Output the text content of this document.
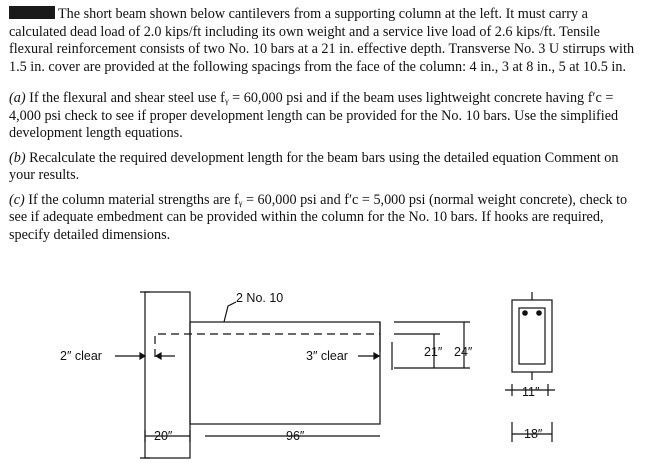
The short beam shown below cantilevers from a supporting column at the left. It must carry a calculated dead load of 2.0 kips/ft including its own weight and a service live load of 2.6 kips/ft. Tensile flexural reinforcement consists of two No. 10 bars at a 21 in. effective depth. Transverse No. 3 U stirrups with 1.5 in. cover are provided at the following spacings from the face of the column: 4 in., 3 at 8 in., 5 at 10.5 in.

(a) If the flexural and shear steel use fᵧ = 60,000 psi and if the beam uses lightweight concrete having f′c = 4,000 psi check to see if proper development length can be provided for the No. 10 bars. Use the simplified development length equations.

(b) Recalculate the required development length for the beam bars using the detailed equation Comment on your results.

(c) If the column material strengths are fᵧ = 60,000 psi and f′c = 5,000 psi (normal weight concrete), check to see if adequate embedment can be provided within the column for the No. 10 bars. If hooks are required, specify detailed dimensions.

2 No. 10
2″ clear	3″ clear	21″ 24″
20″	96″
11″
18″
